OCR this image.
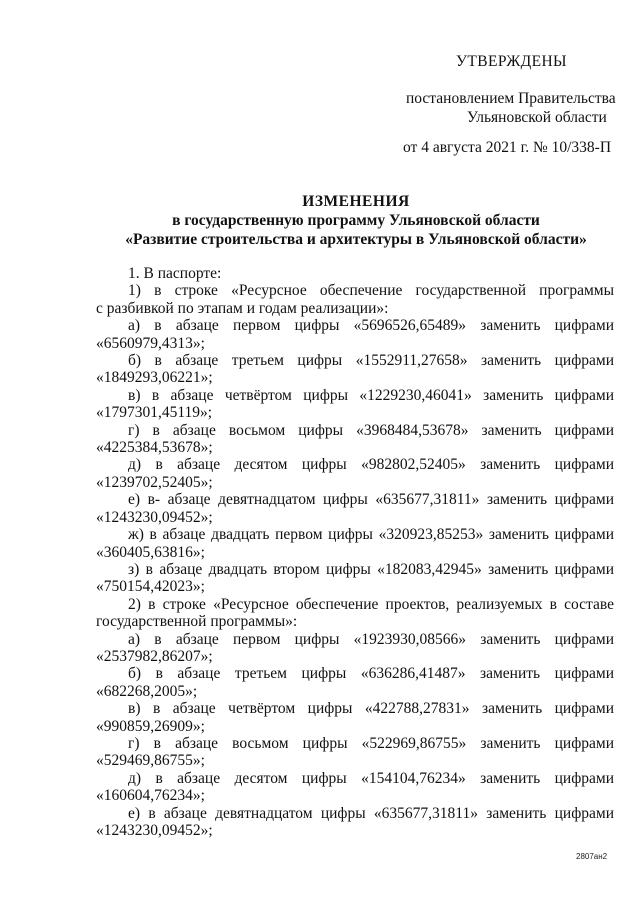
УТВЕРЖДЕНЫ
постановлением Правительства
Ульяновской области
от 4 августа 2021 г. № 10/338-П
ИЗМЕНЕНИЯ
в государственную программу Ульяновской области
«Развитие строительства и архитектуры в Ульяновской области»
1. В паспорте:
1) в строке «Ресурсное обеспечение государственной программы
с разбивкой по этапам и годам реализации»:
а) в абзаце первом цифры «5696526,65489» заменить цифрами
«6560979,4313»;
б) в абзаце третьем цифры «1552911,27658» заменить цифрами
«1849293,06221»;
в) в абзаце четвёртом цифры «1229230,46041» заменить цифрами
«1797301,45119»;
г) в абзаце восьмом цифры «3968484,53678» заменить цифрами
«4225384,53678»;
д) в абзаце десятом цифры «982802,52405» заменить цифрами
«1239702,52405»;
е) в- абзаце девятнадцатом цифры «635677,31811» заменить цифрами
«1243230,09452»;
ж) в абзаце двадцать первом цифры «320923,85253» заменить цифрами
«360405,63816»;
з) в абзаце двадцать втором цифры «182083,42945» заменить цифрами
«750154,42023»;
2) в строке «Ресурсное обеспечение проектов, реализуемых в составе
государственной программы»:
а) в абзаце первом цифры «1923930,08566» заменить цифрами
«2537982,86207»;
б) в абзаце третьем цифры «636286,41487» заменить цифрами
«682268,2005»;
в) в абзаце четвёртом цифры «422788,27831» заменить цифрами
«990859,26909»;
г) в абзаце восьмом цифры «522969,86755» заменить цифрами
«529469,86755»;
д) в абзаце десятом цифры «154104,76234» заменить цифрами
«160604,76234»;
е) в абзаце девятнадцатом цифры «635677,31811» заменить цифрами
«1243230,09452»;
2807ан2
